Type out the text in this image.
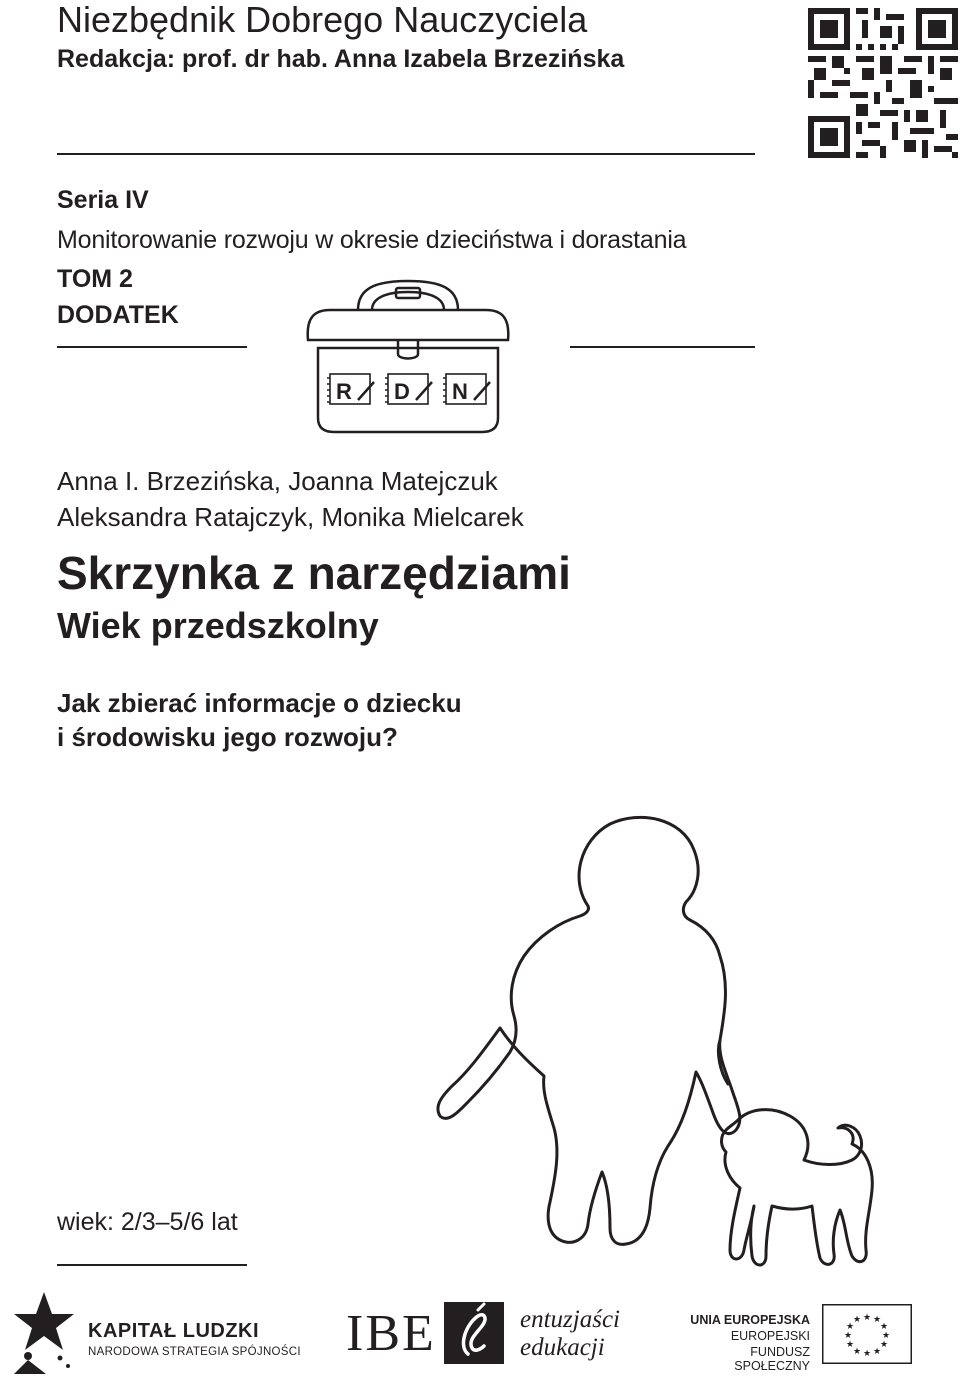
Niezbędnik Dobrego Nauczyciela
Redakcja: prof. dr hab. Anna Izabela Brzezińska
Seria IV
Monitorowanie rozwoju w okresie dzieciństwa i dorastania
TOM 2
DODATEK
R D N
Anna I. Brzezińska, Joanna Matejczuk
Aleksandra Ratajczyk, Monika Mielcarek
Skrzynka z narzędziami
Wiek przedszkolny
Jak zbierać informacje o dziecku
i środowisku jego rozwoju?
wiek: 2/3–5/6 lat
KAPITAŁ LUDZKI
NARODOWA STRATEGIA SPÓJNOŚCI IBE	entuzjaści
edukacji
UNIA EUROPEJSKA
EUROPEJSKI
FUNDUSZ SPOŁECZNY
★ ★
★
★
★
★
★
★
★
★
★
★
